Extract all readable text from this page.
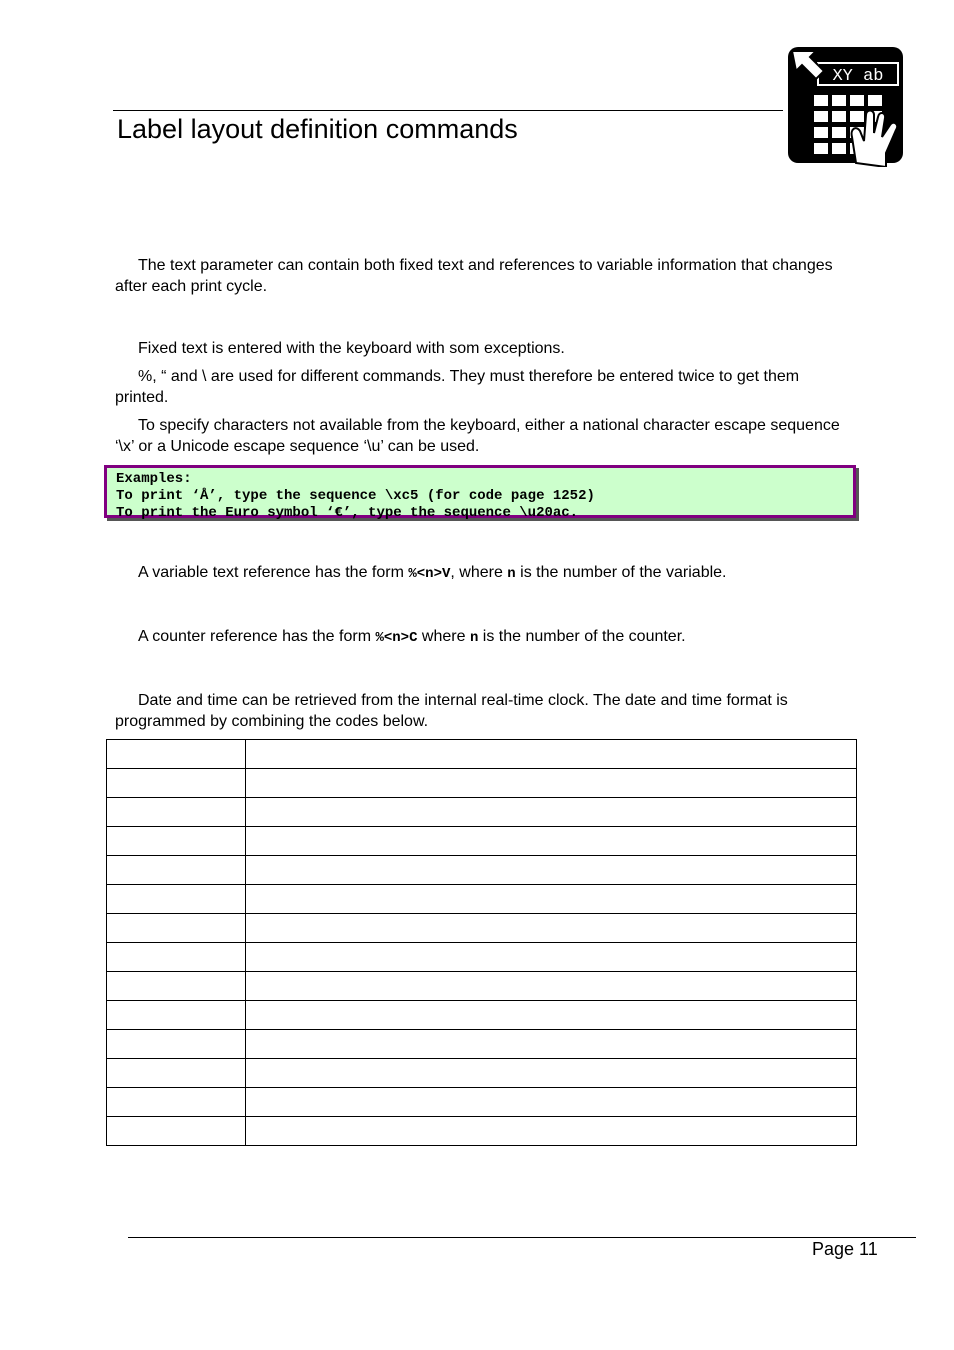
Label layout definition commands
XY ab
The text parameter can contain both fixed text and references to variable information that changes after each print cycle.
Fixed text is entered with the keyboard with som exceptions.
%, “ and \ are used for different commands. They must therefore be entered twice to get them printed.
To specify characters not available from the keyboard, either a national character escape sequence ‘\x’ or a Unicode escape sequence ‘\u’ can be used.
Examples:
To print ‘Å’, type the sequence \xc5 (for code page 1252)
To print the Euro symbol ‘€’, type the sequence \u20ac.
A variable text reference has the form %<n>V, where n is the number of the variable.
A counter reference has the form %<n>C where n is the number of the counter.
Date and time can be retrieved from the internal real-time clock. The date and time format is programmed by combining the codes below.

Page 11
